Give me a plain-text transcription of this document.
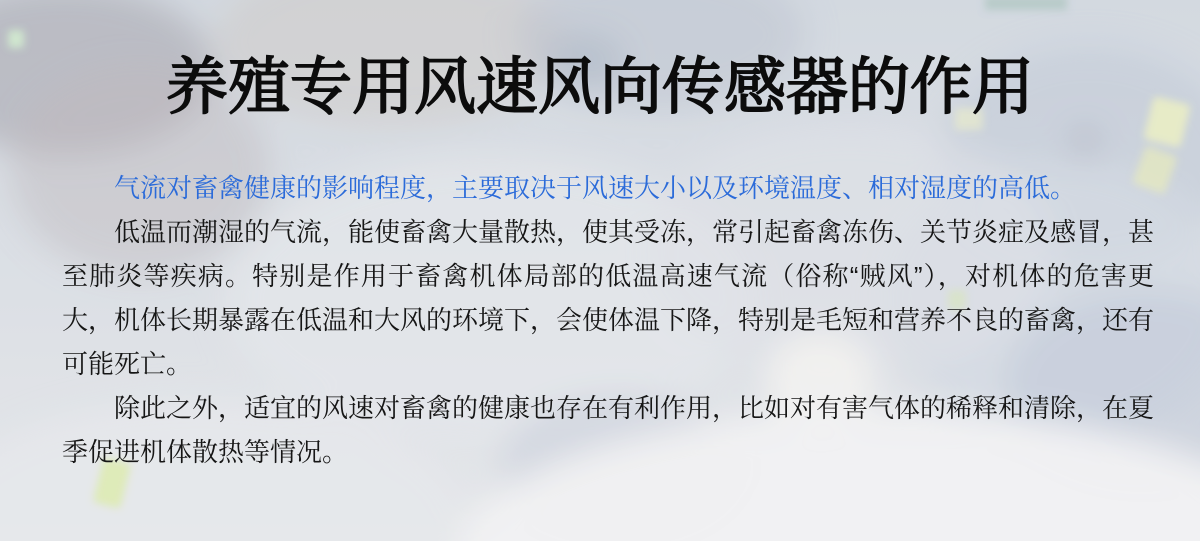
养殖专用风速风向传感器的作用

气流对畜禽健康的影响程度，主要取决于风速大小以及环境温度、相对湿度的高低。

低温而潮湿的气流，能使畜禽大量散热，使其受冻，常引起畜禽冻伤、关节炎症及感冒，甚至肺炎等疾病。特别是作用于畜禽机体局部的低温高速气流（俗称“贼风”），对机体的危害更大，机体长期暴露在低温和大风的环境下，会使体温下降，特别是毛短和营养不良的畜禽，还有可能死亡。

除此之外，适宜的风速对畜禽的健康也存在有利作用，比如对有害气体的稀释和清除，在夏季促进机体散热等情况。
